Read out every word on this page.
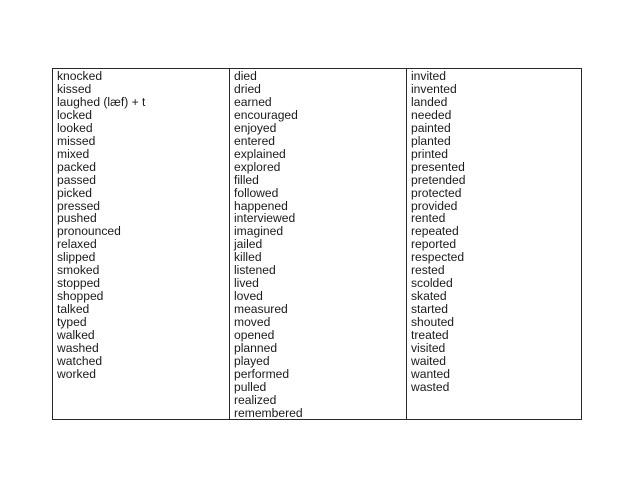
knocked
kissed
laughed (læf) + t
locked
looked
missed
mixed
packed
passed
picked
pressed
pushed
pronounced
relaxed
slipped
smoked
stopped
shopped
talked
typed
walked
washed
watched
worked
died
dried
earned
encouraged
enjoyed
entered
explained
explored
filled
followed
happened
interviewed
imagined
jailed
killed
listened
lived
loved
measured
moved
opened
planned
played
performed
pulled
realized
remembered
invited
invented
landed
needed
painted
planted
printed
presented
pretended
protected
provided
rented
repeated
reported
respected
rested
scolded
skated
started
shouted
treated
visited
waited
wanted
wasted
